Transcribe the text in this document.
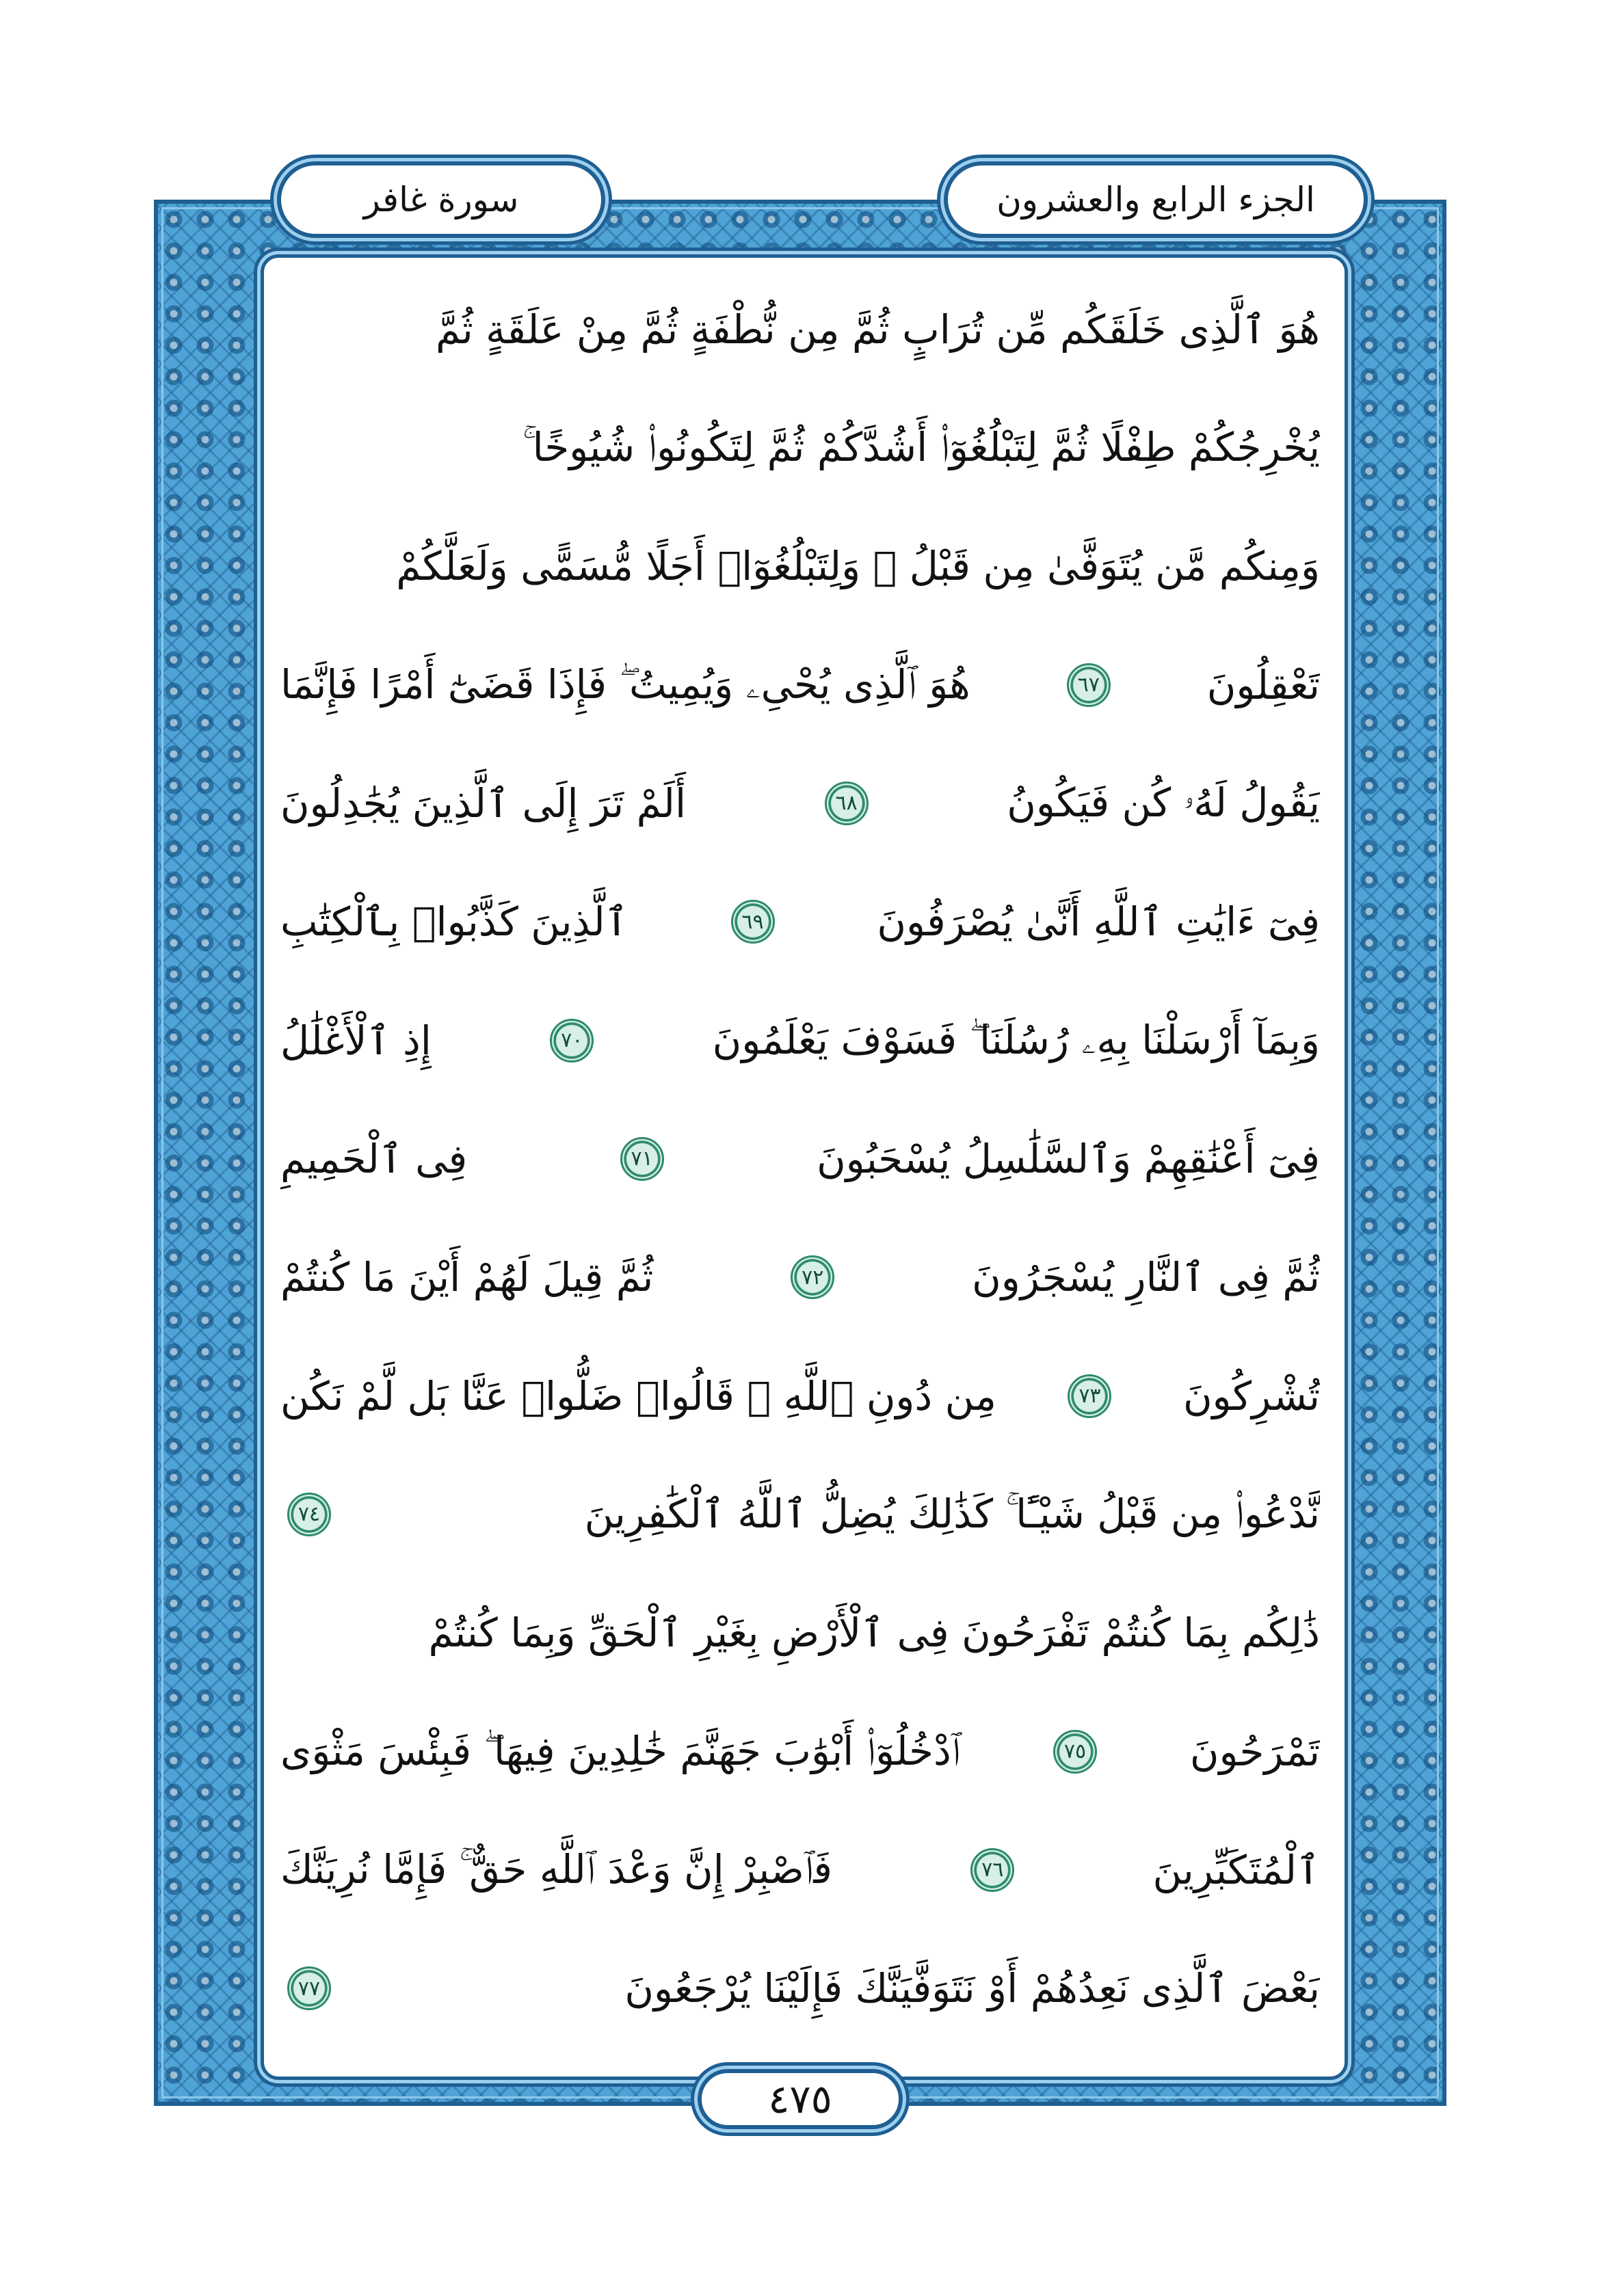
الجزء الرابع والعشرون
سورة غافر
هُوَ ٱلَّذِى خَلَقَكُم مِّن تُرَابٍ ثُمَّ مِن نُّطْفَةٍ ثُمَّ مِنْ عَلَقَةٍ ثُمَّ
يُخْرِجُكُمْ طِفْلًا ثُمَّ لِتَبْلُغُوٓا۟ أَشُدَّكُمْ ثُمَّ لِتَكُونُوا۟ شُيُوخًا ۚ
وَمِنكُم مَّن يُتَوَفَّىٰ مِن قَبْلُ ۖ وَلِتَبْلُغُوٓا۟ أَجَلًا مُّسَمًّى وَلَعَلَّكُمْ
تَعْقِلُونَ
٦٧
هُوَ ٱلَّذِى يُحْىِۦ وَيُمِيتُ ۖ فَإِذَا قَضَىٰٓ أَمْرًا فَإِنَّمَا
يَقُولُ لَهُۥ كُن فَيَكُونُ
٦٨
أَلَمْ تَرَ إِلَى ٱلَّذِينَ يُجَٰدِلُونَ
فِىٓ ءَايَٰتِ ٱللَّهِ أَنَّىٰ يُصْرَفُونَ
٦٩
ٱلَّذِينَ كَذَّبُوا۟ بِٱلْكِتَٰبِ
وَبِمَآ أَرْسَلْنَا بِهِۦ رُسُلَنَا ۖ فَسَوْفَ يَعْلَمُونَ
٧٠
إِذِ ٱلْأَغْلَٰلُ
فِىٓ أَعْنَٰقِهِمْ وَٱلسَّلَٰسِلُ يُسْحَبُونَ
٧١
فِى ٱلْحَمِيمِ
ثُمَّ فِى ٱلنَّارِ يُسْجَرُونَ
٧٢
ثُمَّ قِيلَ لَهُمْ أَيْنَ مَا كُنتُمْ
تُشْرِكُونَ
٧٣
مِن دُونِ ٱللَّهِ ۖ قَالُوا۟ ضَلُّوا۟ عَنَّا بَل لَّمْ نَكُن
نَّدْعُوا۟ مِن قَبْلُ شَيْـًٔا ۚ كَذَٰلِكَ يُضِلُّ ٱللَّهُ ٱلْكَٰفِرِينَ
٧٤
ذَٰلِكُم بِمَا كُنتُمْ تَفْرَحُونَ فِى ٱلْأَرْضِ بِغَيْرِ ٱلْحَقِّ وَبِمَا كُنتُمْ
تَمْرَحُونَ
٧٥
ٱدْخُلُوٓا۟ أَبْوَٰبَ جَهَنَّمَ خَٰلِدِينَ فِيهَا ۖ فَبِئْسَ مَثْوَى
ٱلْمُتَكَبِّرِينَ
٧٦
فَٱصْبِرْ إِنَّ وَعْدَ ٱللَّهِ حَقٌّ ۚ فَإِمَّا نُرِيَنَّكَ
بَعْضَ ٱلَّذِى نَعِدُهُمْ أَوْ نَتَوَفَّيَنَّكَ فَإِلَيْنَا يُرْجَعُونَ
٧٧
٤٧٥
